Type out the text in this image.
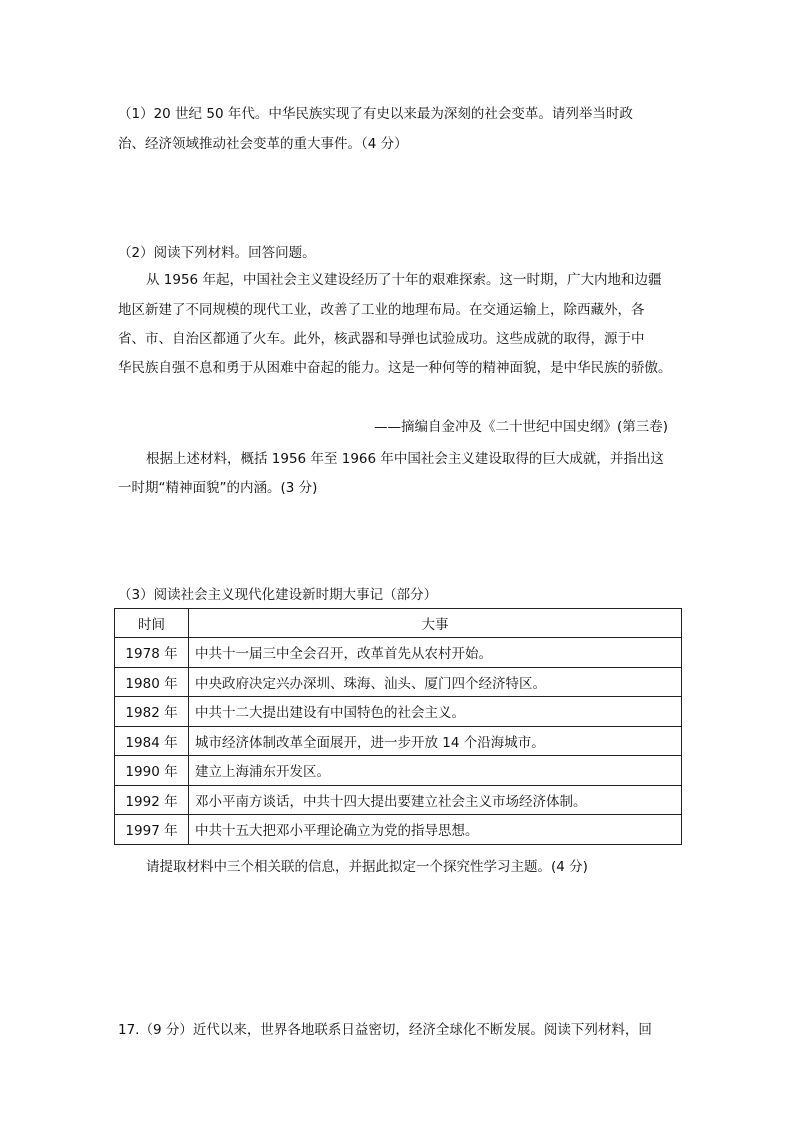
（1）20 世纪 50 年代。中华民族实现了有史以来最为深刻的社会变革。请列举当时政
治、经济领域推动社会变革的重大事件。（4 分）
（2）阅读下列材料。回答问题。
从 1956 年起，中国社会主义建设经历了十年的艰难探索。这一时期，广大内地和边疆
地区新建了不同规模的现代工业，改善了工业的地理布局。在交通运输上，除西藏外，各
省、市、自治区都通了火车。此外，核武器和导弹也试验成功。这些成就的取得，源于中
华民族自强不息和勇于从困难中奋起的能力。这是一种何等的精神面貌，是中华民族的骄傲。
——摘编自金冲及《二十世纪中国史纲》(第三卷)
根据上述材料，概括 1956 年至 1966 年中国社会主义建设取得的巨大成就，并指出这
一时期“精神面貌”的内涵。(3 分)
（3）阅读社会主义现代化建设新时期大事记（部分）
时间	大事
1978 年	中共十一届三中全会召开，改革首先从农村开始。
1980 年	中央政府决定兴办深圳、珠海、汕头、厦门四个经济特区。
1982 年	中共十二大提出建设有中国特色的社会主义。
1984 年	城市经济体制改革全面展开，进一步开放 14 个沿海城市。
1990 年	建立上海浦东开发区。
1992 年	邓小平南方谈话，中共十四大提出要建立社会主义市场经济体制。
1997 年	中共十五大把邓小平理论确立为党的指导思想。
请提取材料中三个相关联的信息，并据此拟定一个探究性学习主题。(4 分)
17.（9 分）近代以来，世界各地联系日益密切，经济全球化不断发展。阅读下列材料，回
